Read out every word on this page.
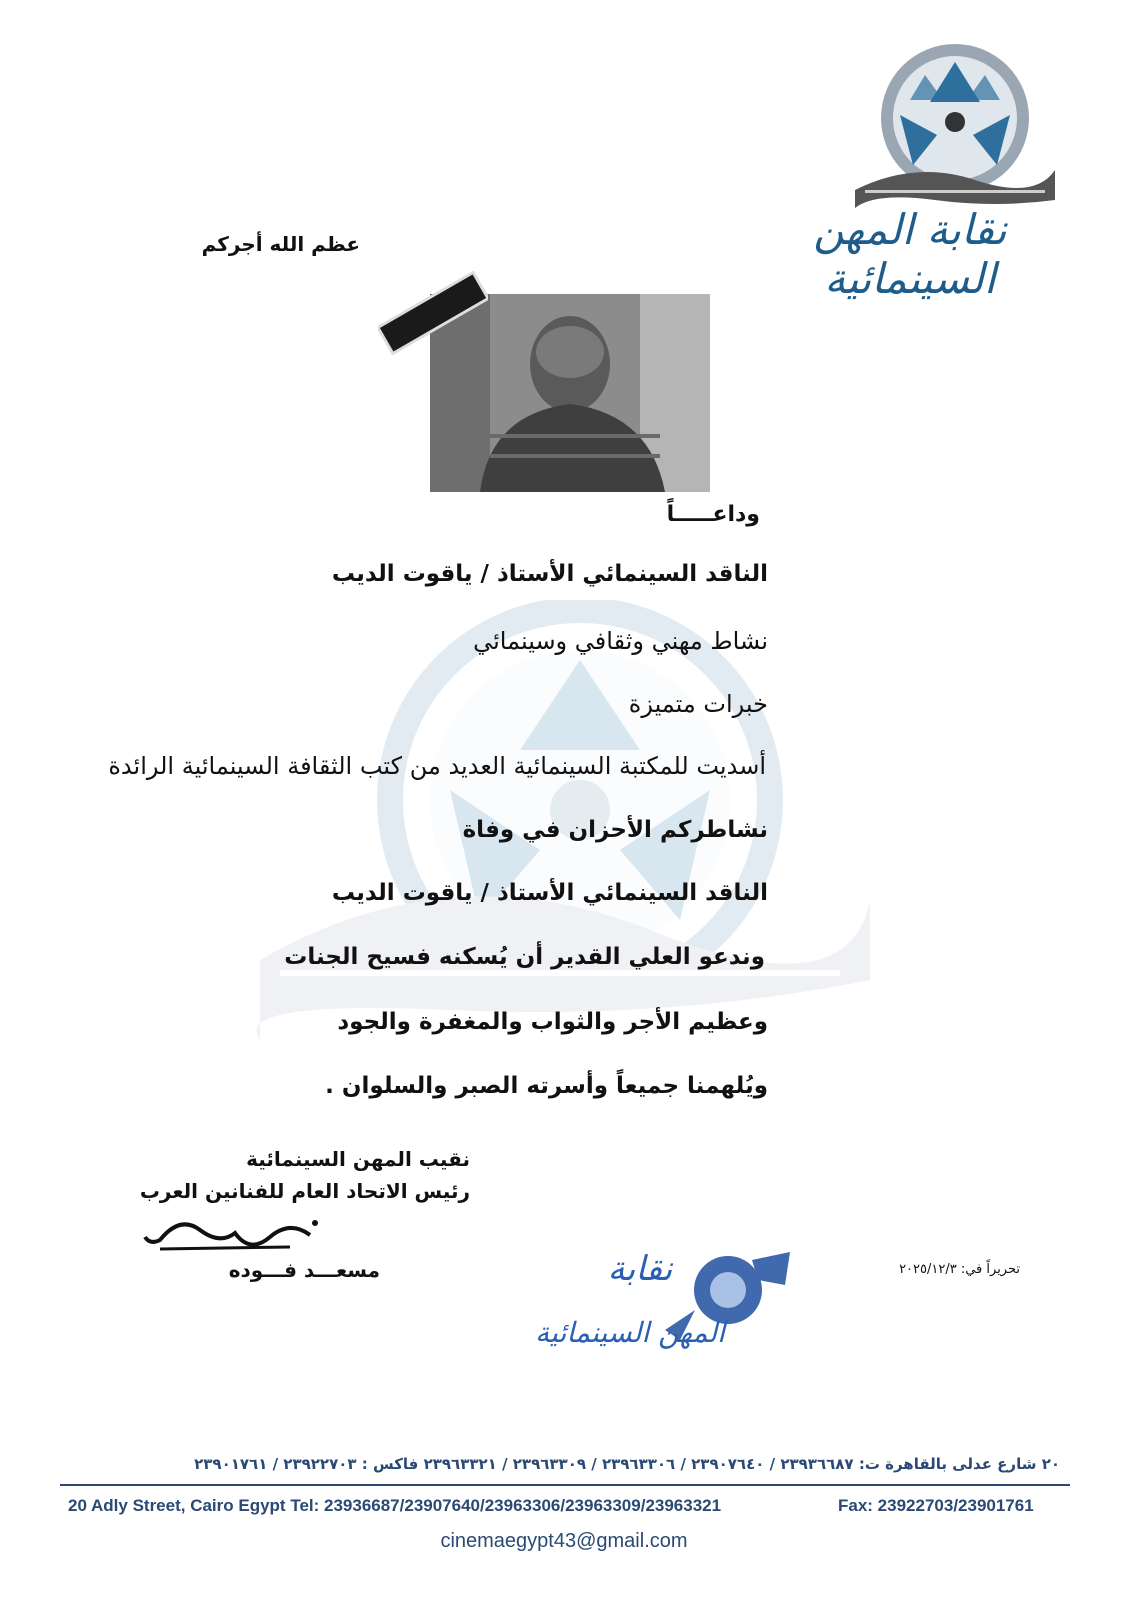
نقابة المهن السينمائية
عظم الله أجركم
وداعـــــاً
الناقد السينمائي الأستاذ / ياقوت الديب
نشاط مهني وثقافي وسينمائي
خبرات متميزة
أسديت للمكتبة السينمائية العديد من كتب الثقافة السينمائية الرائدة
نشاطركم الأحزان في وفاة
الناقد السينمائي الأستاذ / ياقوت الديب
وندعو العلي القدير أن يُسكنه فسيح الجنات
وعظيم الأجر والثواب والمغفرة والجود
ويُلهمنا جميعاً وأسرته الصبر والسلوان .
نقيب المهن السينمائية
رئيس الاتحاد العام للفنانين العرب
مسعـــد فـــوده	نقابة
المهن السينمائية
تحريراً في: ٢٠٢٥/١٢/٣
٢٠ شارع عدلى بالقاهرة ت: ٢٣٩٣٦٦٨٧ / ٢٣٩٠٧٦٤٠ / ٢٣٩٦٣٣٠٦ / ٢٣٩٦٣٣٠٩ / ٢٣٩٦٣٣٢١ فاكس : ٢٣٩٢٢٧٠٣ / ٢٣٩٠١٧٦١
20 Adly Street, Cairo Egypt Tel: 23936687/23907640/23963306/23963309/23963321	Fax: 23922703/23901761
cinemaegypt43@gmail.com
